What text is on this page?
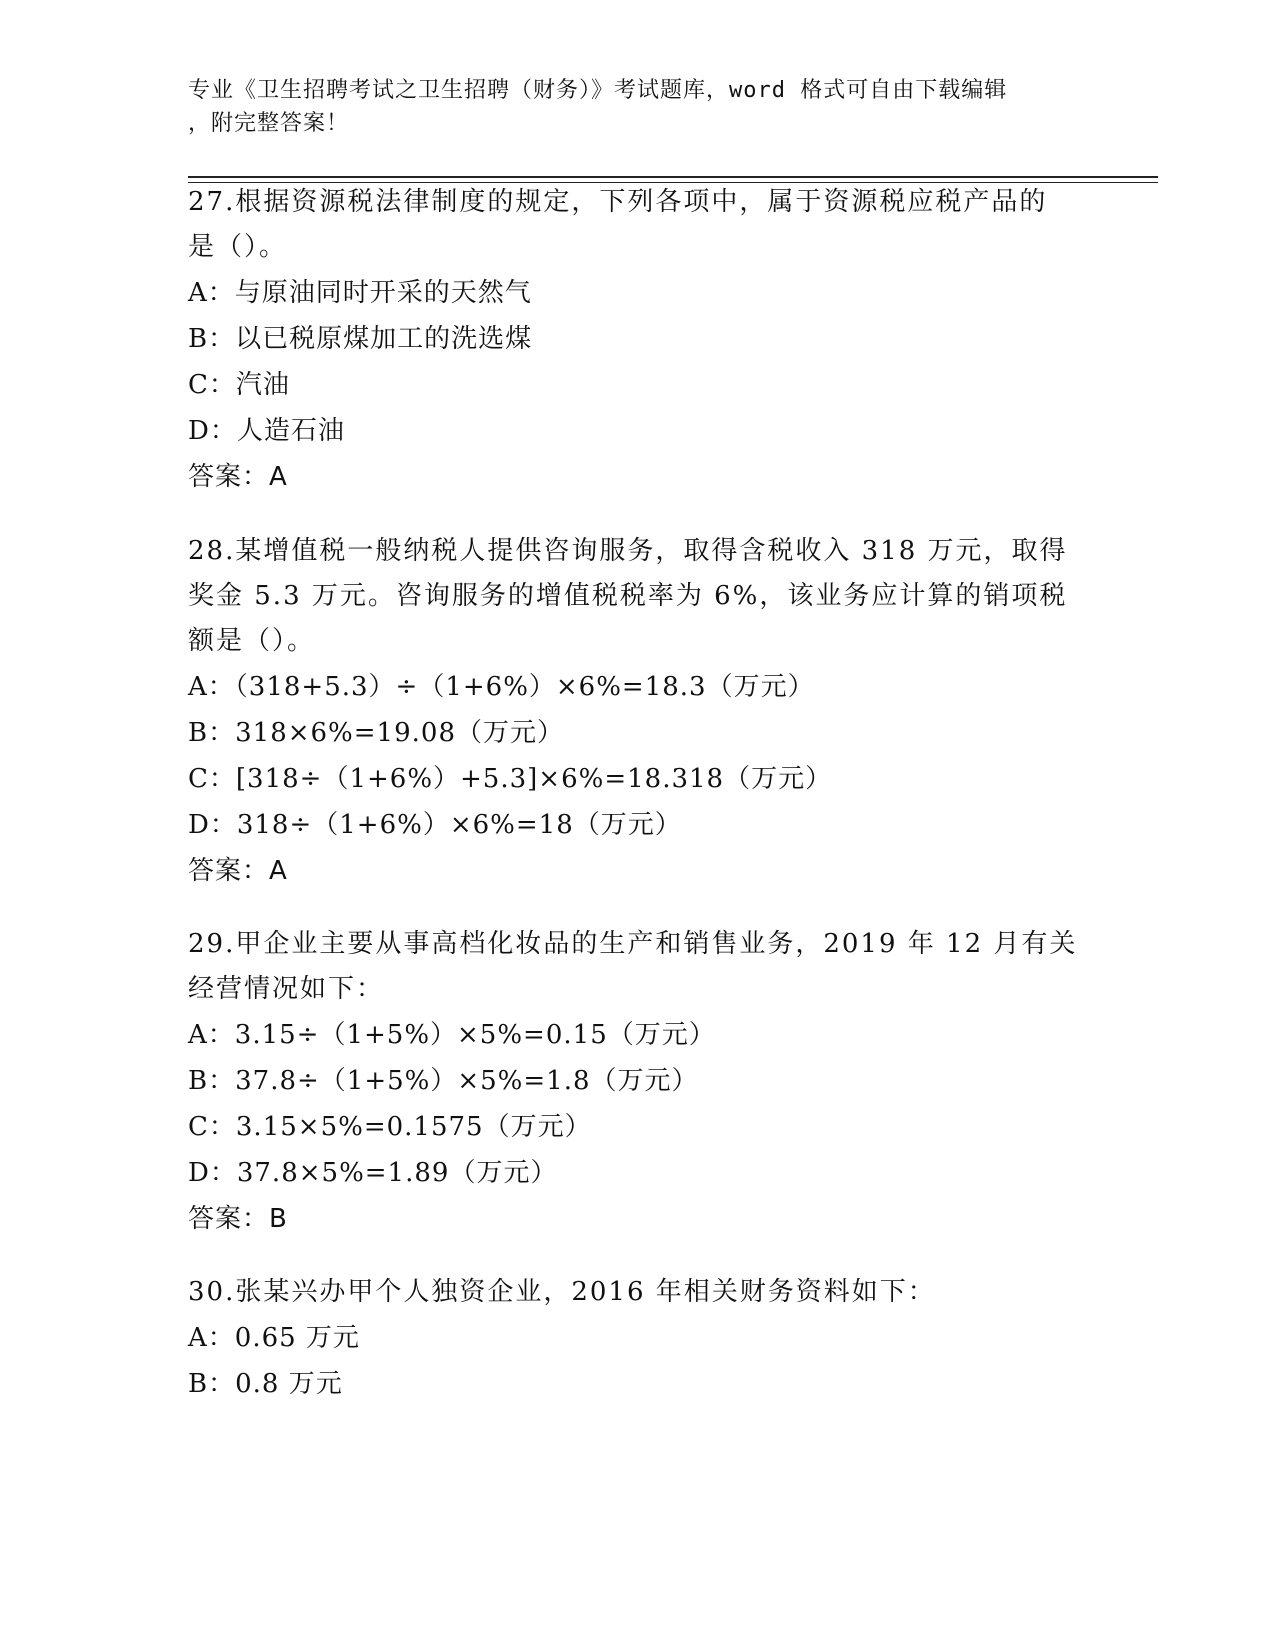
专业《卫生招聘考试之卫生招聘（财务）》考试题库，word 格式可自由下载编辑
，附完整答案！
27.根据资源税法律制度的规定，下列各项中，属于资源税应税产品的
是（）。
A：与原油同时开采的天然气
B：以已税原煤加工的洗选煤
C：汽油
D：人造石油
答案：A
28.某增值税一般纳税人提供咨询服务，取得含税收入 318 万元，取得
奖金 5.3 万元。咨询服务的增值税税率为 6%，该业务应计算的销项税
额是（）。
A：（318+5.3）÷（1+6%）×6%=18.3（万元）
B：318×6%=19.08（万元）
C：[318÷（1+6%）+5.3]×6%=18.318（万元）
D：318÷（1+6%）×6%=18（万元）
答案：A
29.甲企业主要从事高档化妆品的生产和销售业务，2019 年 12 月有关
经营情况如下：
A：3.15÷（1+5%）×5%=0.15（万元）
B：37.8÷（1+5%）×5%=1.8（万元）
C：3.15×5%=0.1575（万元）
D：37.8×5%=1.89（万元）
答案：B
30.张某兴办甲个人独资企业，2016 年相关财务资料如下：
A：0.65 万元
B：0.8 万元
